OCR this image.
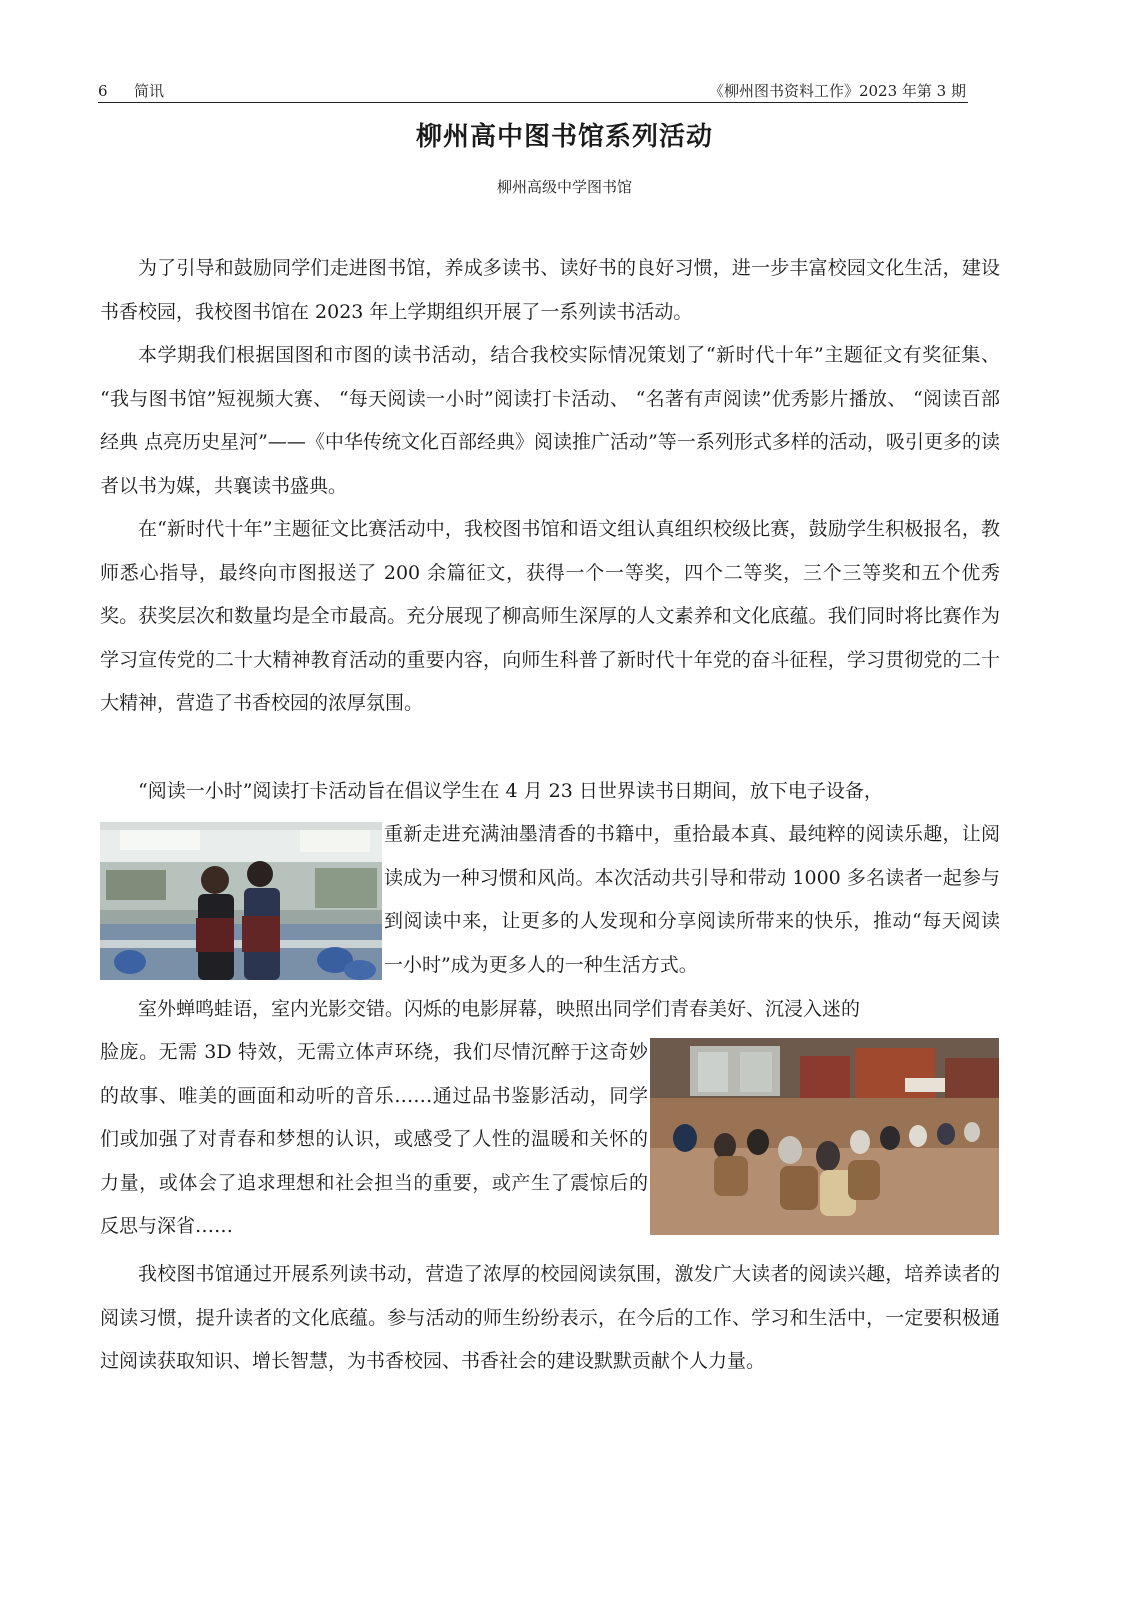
6 简讯	《柳州图书资料工作》2023 年第 3 期
柳州高中图书馆系列活动
柳州高级中学图书馆

为了引导和鼓励同学们走进图书馆，养成多读书、读好书的良好习惯，进一步丰富校园文化生活，建设书香校园，我校图书馆在 2023 年上学期组织开展了一系列读书活动。

本学期我们根据国图和市图的读书活动，结合我校实际情况策划了“新时代十年”主题征文有奖征集、 “我与图书馆”短视频大赛、 “每天阅读一小时”阅读打卡活动、 “名著有声阅读”优秀影片播放、 “阅读百部经典 点亮历史星河”——《中华传统文化百部经典》阅读推广活动”等一系列形式多样的活动，吸引更多的读者以书为媒，共襄读书盛典。

在“新时代十年”主题征文比赛活动中，我校图书馆和语文组认真组织校级比赛，鼓励学生积极报名，教师悉心指导，最终向市图报送了 200 余篇征文，获得一个一等奖，四个二等奖，三个三等奖和五个优秀奖。获奖层次和数量均是全市最高。充分展现了柳高师生深厚的人文素养和文化底蕴。我们同时将比赛作为学习宣传党的二十大精神教育活动的重要内容，向师生科普了新时代十年党的奋斗征程，学习贯彻党的二十大精神，营造了书香校园的浓厚氛围。

“阅读一小时”阅读打卡活动旨在倡议学生在 4 月 23 日世界读书日期间，放下电子设备，

重新走进充满油墨清香的书籍中，重拾最本真、最纯粹的阅读乐趣，让阅读成为一种习惯和风尚。本次活动共引导和带动 1000 多名读者一起参与到阅读中来，让更多的人发现和分享阅读所带来的快乐，推动“每天阅读一小时”成为更多人的一种生活方式。

室外蝉鸣蛙语，室内光影交错。闪烁的电影屏幕，映照出同学们青春美好、沉浸入迷的

脸庞。无需 3D 特效，无需立体声环绕，我们尽情沉醉于这奇妙的故事、唯美的画面和动听的音乐……通过品书鉴影活动，同学们或加强了对青春和梦想的认识，或感受了人性的温暖和关怀的力量，或体会了追求理想和社会担当的重要，或产生了震惊后的反思与深省……

我校图书馆通过开展系列读书动，营造了浓厚的校园阅读氛围，激发广大读者的阅读兴趣，培养读者的阅读习惯，提升读者的文化底蕴。参与活动的师生纷纷表示，在今后的工作、学习和生活中，一定要积极通过阅读获取知识、增长智慧，为书香校园、书香社会的建设默默贡献个人力量。
